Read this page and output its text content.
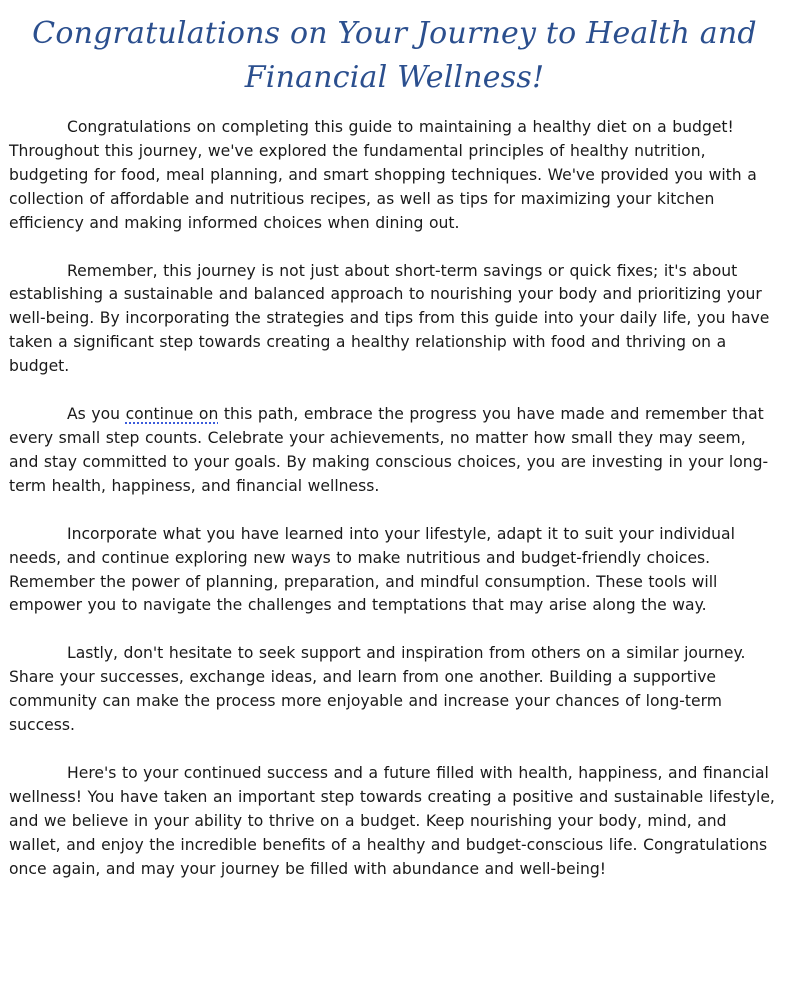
Congratulations on Your Journey to Health and Financial Wellness!

Congratulations on completing this guide to maintaining a healthy diet on a budget! Throughout this journey, we've explored the fundamental principles of healthy nutrition, budgeting for food, meal planning, and smart shopping techniques. We've provided you with a collection of affordable and nutritious recipes, as well as tips for maximizing your kitchen efficiency and making informed choices when dining out.

Remember, this journey is not just about short-term savings or quick fixes; it's about establishing a sustainable and balanced approach to nourishing your body and prioritizing your well-being. By incorporating the strategies and tips from this guide into your daily life, you have taken a significant step towards creating a healthy relationship with food and thriving on a budget.

As you continue on this path, embrace the progress you have made and remember that every small step counts. Celebrate your achievements, no matter how small they may seem, and stay committed to your goals. By making conscious choices, you are investing in your long-term health, happiness, and financial wellness.

Incorporate what you have learned into your lifestyle, adapt it to suit your individual needs, and continue exploring new ways to make nutritious and budget-friendly choices. Remember the power of planning, preparation, and mindful consumption. These tools will empower you to navigate the challenges and temptations that may arise along the way.

Lastly, don't hesitate to seek support and inspiration from others on a similar journey. Share your successes, exchange ideas, and learn from one another. Building a supportive community can make the process more enjoyable and increase your chances of long-term success.

Here's to your continued success and a future filled with health, happiness, and financial wellness! You have taken an important step towards creating a positive and sustainable lifestyle, and we believe in your ability to thrive on a budget. Keep nourishing your body, mind, and wallet, and enjoy the incredible benefits of a healthy and budget-conscious life. Congratulations once again, and may your journey be filled with abundance and well-being!
